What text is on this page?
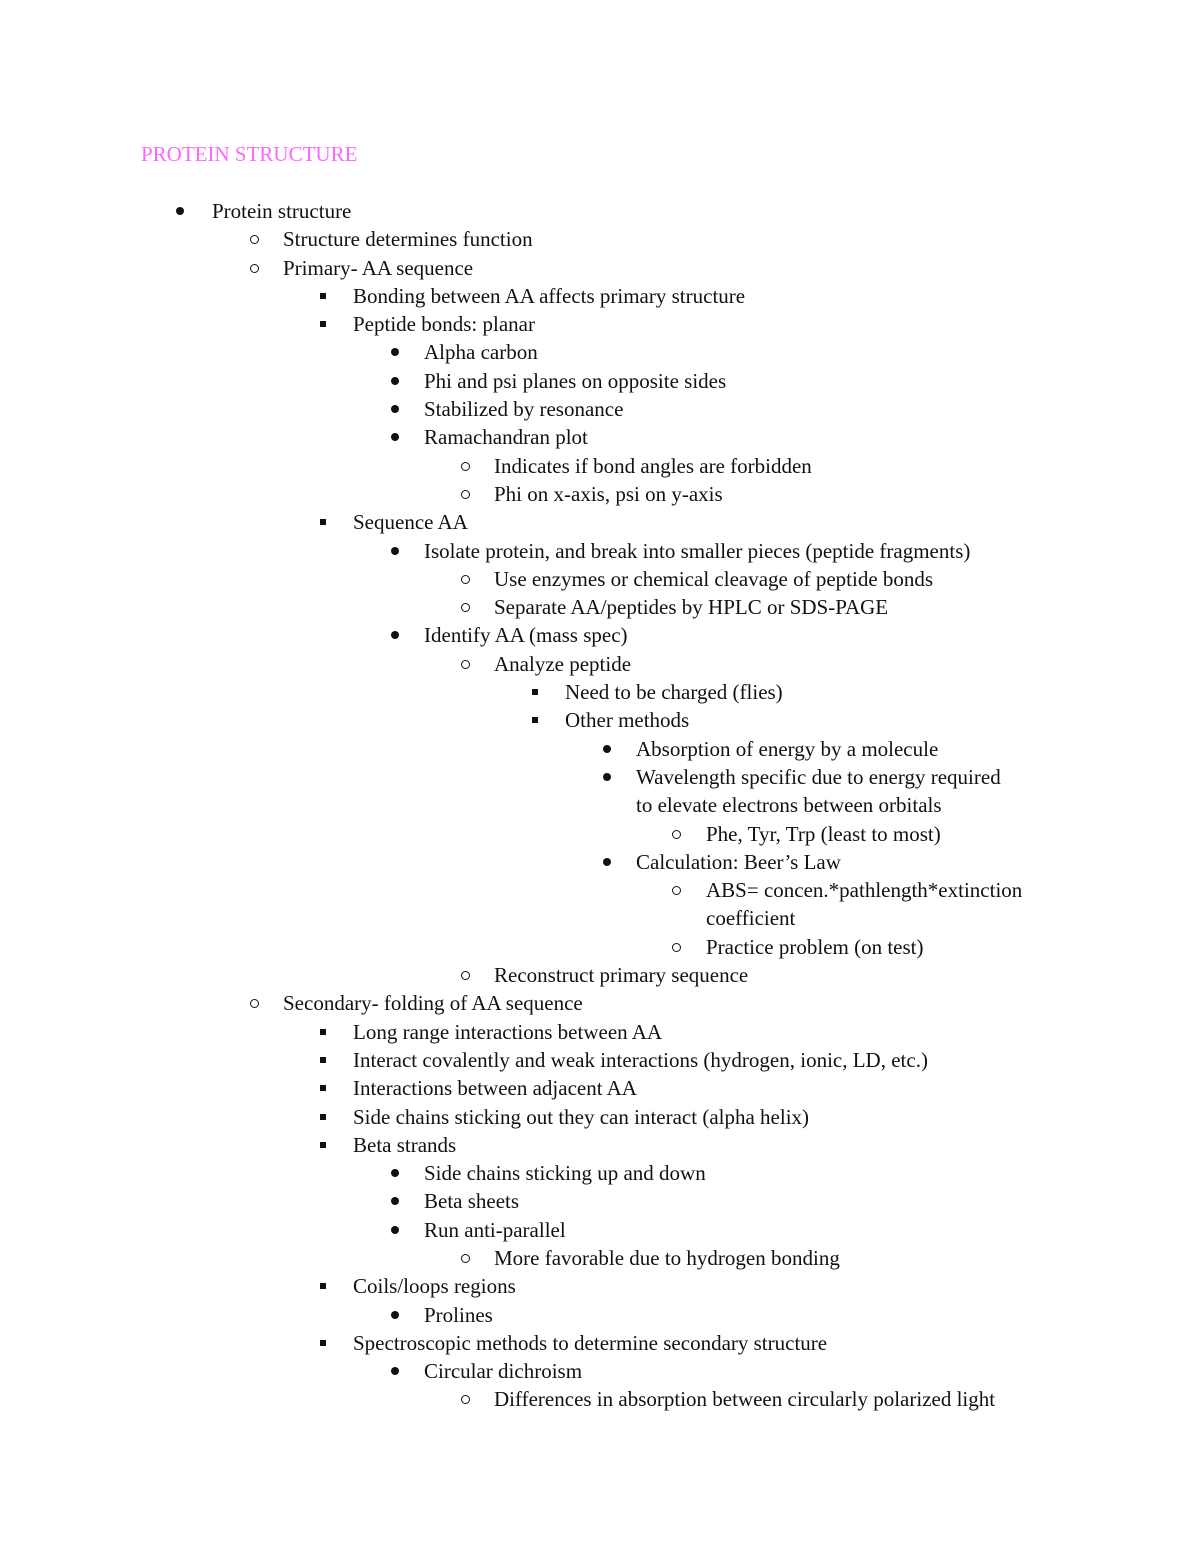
PROTEIN STRUCTURE
Protein structure
Structure determines function
Primary- AA sequence
Bonding between AA affects primary structure
Peptide bonds: planar
Alpha carbon
Phi and psi planes on opposite sides
Stabilized by resonance
Ramachandran plot
Indicates if bond angles are forbidden
Phi on x-axis, psi on y-axis
Sequence AA
Isolate protein, and break into smaller pieces (peptide fragments)
Use enzymes or chemical cleavage of peptide bonds
Separate AA/peptides by HPLC or SDS-PAGE
Identify AA (mass spec)
Analyze peptide
Need to be charged (flies)
Other methods
Absorption of energy by a molecule
Wavelength specific due to energy required
to elevate electrons between orbitals
Phe, Tyr, Trp (least to most)
Calculation: Beer’s Law
ABS= concen.*pathlength*extinction
coefficient
Practice problem (on test)
Reconstruct primary sequence
Secondary- folding of AA sequence
Long range interactions between AA
Interact covalently and weak interactions (hydrogen, ionic, LD, etc.)
Interactions between adjacent AA
Side chains sticking out they can interact (alpha helix)
Beta strands
Side chains sticking up and down
Beta sheets
Run anti-parallel
More favorable due to hydrogen bonding
Coils/loops regions
Prolines
Spectroscopic methods to determine secondary structure
Circular dichroism
Differences in absorption between circularly polarized light
